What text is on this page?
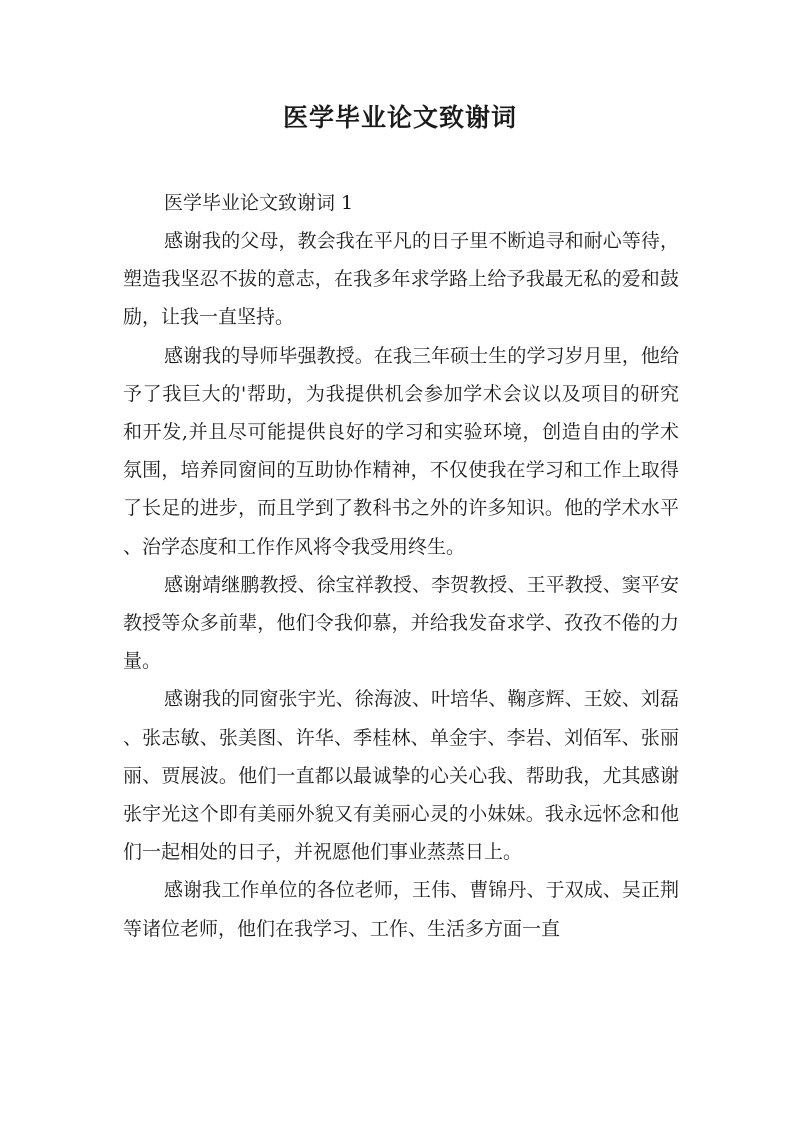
医学毕业论文致谢词

医学毕业论文致谢词 1

感谢我的父母，教会我在平凡的日子里不断追寻和耐心等待，塑造我坚忍不拔的意志，在我多年求学路上给予我最无私的爱和鼓励，让我一直坚持。

感谢我的导师毕强教授。在我三年硕士生的学习岁月里，他给予了我巨大的'帮助，为我提供机会参加学术会议以及项目的研究和开发,并且尽可能提供良好的学习和实验环境，创造自由的学术氛围，培养同窗间的互助协作精神，不仅使我在学习和工作上取得了长足的进步，而且学到了教科书之外的许多知识。他的学术水平、治学态度和工作作风将令我受用终生。

感谢靖继鹏教授、徐宝祥教授、李贺教授、王平教授、窦平安教授等众多前辈，他们令我仰慕，并给我发奋求学、孜孜不倦的力量。

感谢我的同窗张宇光、徐海波、叶培华、鞠彦辉、王姣、刘磊、张志敏、张美图、许华、季桂林、单金宇、李岩、刘佰军、张丽丽、贾展波。他们一直都以最诚挚的心关心我、帮助我，尤其感谢张宇光这个即有美丽外貌又有美丽心灵的小妹妹。我永远怀念和他们一起相处的日子，并祝愿他们事业蒸蒸日上。

感谢我工作单位的各位老师，王伟、曹锦丹、于双成、吴正荆等诸位老师，他们在我学习、工作、生活多方面一直
